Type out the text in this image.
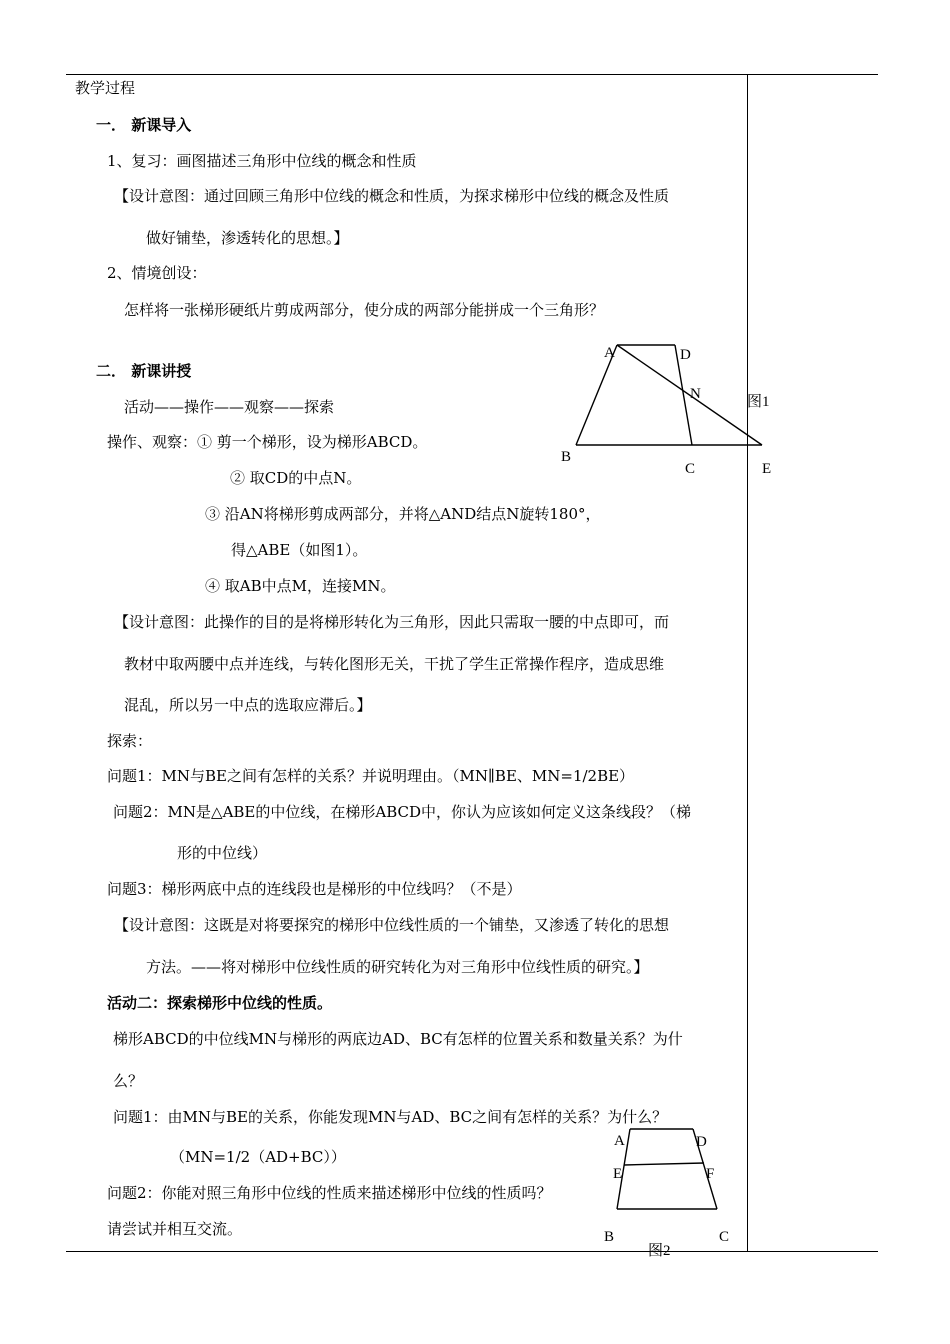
教学过程
一． 新课导入
1、复习：画图描述三角形中位线的概念和性质
【设计意图：通过回顾三角形中位线的概念和性质，为探求梯形中位线的概念及性质
做好铺垫，渗透转化的思想。】
2、情境创设：
怎样将一张梯形硬纸片剪成两部分，使分成的两部分能拼成一个三角形？
二． 新课讲授
活动——操作——观察——探索
操作、观察：① 剪一个梯形，设为梯形ABCD。
② 取CD的中点N。
③ 沿AN将梯形剪成两部分，并将△AND结点N旋转180°，
得△ABE（如图1）。
④ 取AB中点M，连接MN。
【设计意图：此操作的目的是将梯形转化为三角形，因此只需取一腰的中点即可，而
教材中取两腰中点并连线，与转化图形无关，干扰了学生正常操作程序，造成思维
混乱，所以另一中点的选取应滞后。】
探索：
问题1：MN与BE之间有怎样的关系？并说明理由。（MN∥BE、MN=1/2BE）
问题2：MN是△ABE的中位线，在梯形ABCD中，你认为应该如何定义这条线段？（梯
形的中位线）
问题3：梯形两底中点的连线段也是梯形的中位线吗？（不是）
【设计意图：这既是对将要探究的梯形中位线性质的一个铺垫，又渗透了转化的思想
方法。——将对梯形中位线性质的研究转化为对三角形中位线性质的研究。】
活动二：探索梯形中位线的性质。
梯形ABCD的中位线MN与梯形的两底边AD、BC有怎样的位置关系和数量关系？为什
么？
问题1：由MN与BE的关系，你能发现MN与AD、BC之间有怎样的关系？为什么？
（MN=1/2（AD+BC））
问题2：你能对照三角形中位线的性质来描述梯形中位线的性质吗？
请尝试并相互交流。
A	D
N
B
C	E
图1
A	D
E	F
B	C
图2
